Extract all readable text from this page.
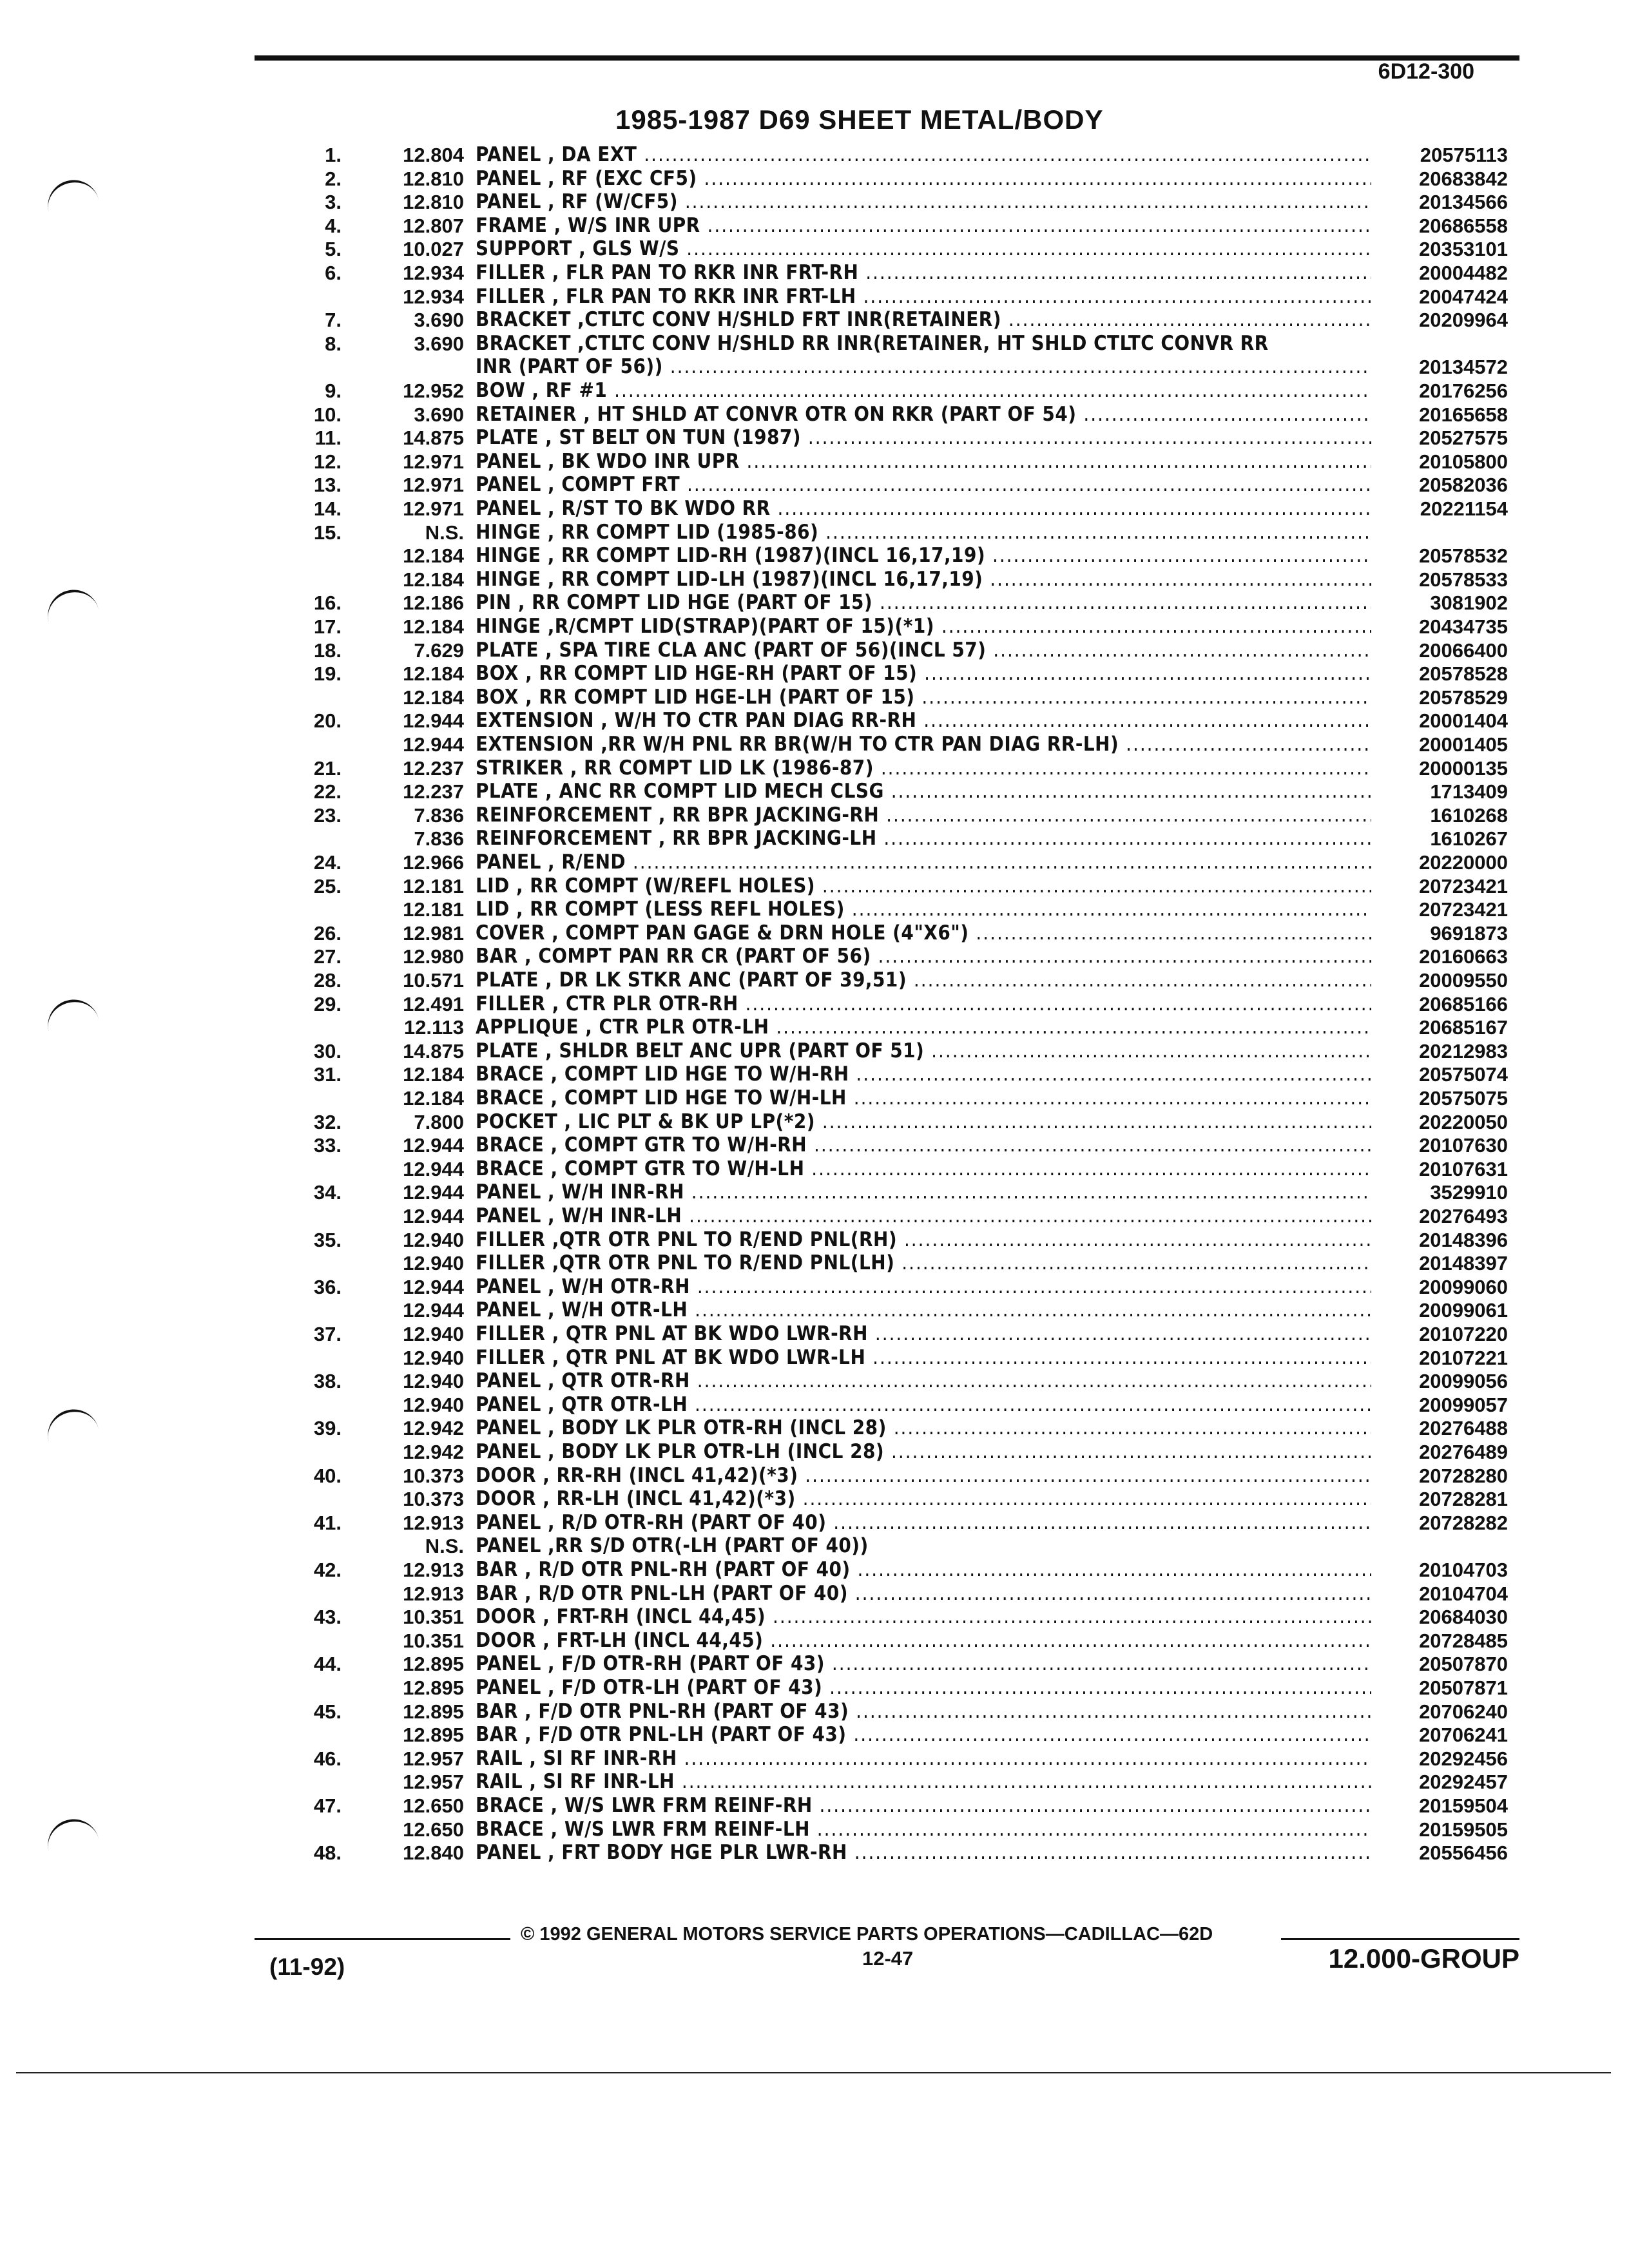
6D12-300
1985-1987 D69 SHEET METAL/BODY
1.	12.804 PANEL , DA EXT .....	20575113
2.	12.810 PANEL , RF (EXC CF5) .....	20683842
3.	12.810 PANEL , RF (W/CF5) .....	20134566
4.	12.807 FRAME , W/S INR UPR .....	20686558
5.	10.027 SUPPORT , GLS W/S .....	20353101
6.	12.934 FILLER , FLR PAN TO RKR INR FRT-RH .....	20004482
12.934 FILLER , FLR PAN TO RKR INR FRT-LH .....	20047424
7.	3.690 BRACKET ,CTLTC CONV H/SHLD FRT INR(RETAINER) .....	20209964
8.	3.690 BRACKET ,CTLTC CONV H/SHLD RR INR(RETAINER, HT SHLD CTLTC CONVR RR
INR (PART OF 56)) .....	20134572
9.	12.952 BOW , RF #1 .....	20176256
10.	3.690 RETAINER , HT SHLD AT CONVR OTR ON RKR (PART OF 54) .....	20165658
11.	14.875 PLATE , ST BELT ON TUN (1987) .....	20527575
12.	12.971 PANEL , BK WDO INR UPR .....	20105800
13.	12.971 PANEL , COMPT FRT .....	20582036
14.	12.971 PANEL , R/ST TO BK WDO RR .....	20221154
15.	N.S. HINGE , RR COMPT LID (1985-86) .....
12.184 HINGE , RR COMPT LID-RH (1987)(INCL 16,17,19) .....	20578532
12.184 HINGE , RR COMPT LID-LH (1987)(INCL 16,17,19) .....	20578533
16.	12.186 PIN , RR COMPT LID HGE (PART OF 15) .....	3081902
17.	12.184 HINGE ,R/CMPT LID(STRAP)(PART OF 15)(*1) .....	20434735
18.	7.629 PLATE , SPA TIRE CLA ANC (PART OF 56)(INCL 57) .....	20066400
19.	12.184 BOX , RR COMPT LID HGE-RH (PART OF 15) .....	20578528
12.184 BOX , RR COMPT LID HGE-LH (PART OF 15) .....	20578529
20.	12.944 EXTENSION , W/H TO CTR PAN DIAG RR-RH .....	20001404
12.944 EXTENSION ,RR W/H PNL RR BR(W/H TO CTR PAN DIAG RR-LH) .....	20001405
21.	12.237 STRIKER , RR COMPT LID LK (1986-87) .....	20000135
22.	12.237 PLATE , ANC RR COMPT LID MECH CLSG .....	1713409
23.	7.836 REINFORCEMENT , RR BPR JACKING-RH .....	1610268
7.836 REINFORCEMENT , RR BPR JACKING-LH .....	1610267
24.	12.966 PANEL , R/END .....	20220000
25.	12.181 LID , RR COMPT (W/REFL HOLES) .....	20723421
12.181 LID , RR COMPT (LESS REFL HOLES) .....	20723421
26.	12.981 COVER , COMPT PAN GAGE & DRN HOLE (4"X6") .....	9691873
27.	12.980 BAR , COMPT PAN RR CR (PART OF 56) .....	20160663
28.	10.571 PLATE , DR LK STKR ANC (PART OF 39,51) .....	20009550
29.	12.491 FILLER , CTR PLR OTR-RH .....	20685166
12.113 APPLIQUE , CTR PLR OTR-LH .....	20685167
30.	14.875 PLATE , SHLDR BELT ANC UPR (PART OF 51) .....	20212983
31.	12.184 BRACE , COMPT LID HGE TO W/H-RH .....	20575074
12.184 BRACE , COMPT LID HGE TO W/H-LH .....	20575075
32.	7.800 POCKET , LIC PLT & BK UP LP(*2) .....	20220050
33.	12.944 BRACE , COMPT GTR TO W/H-RH .....	20107630
12.944 BRACE , COMPT GTR TO W/H-LH .....	20107631
34.	12.944 PANEL , W/H INR-RH .....	3529910
12.944 PANEL , W/H INR-LH .....	20276493
35.	12.940 FILLER ,QTR OTR PNL TO R/END PNL(RH) .....	20148396
12.940 FILLER ,QTR OTR PNL TO R/END PNL(LH) .....	20148397
36.	12.944 PANEL , W/H OTR-RH .....	20099060
12.944 PANEL , W/H OTR-LH .....	20099061
37.	12.940 FILLER , QTR PNL AT BK WDO LWR-RH .....	20107220
12.940 FILLER , QTR PNL AT BK WDO LWR-LH .....	20107221
38.	12.940 PANEL , QTR OTR-RH .....	20099056
12.940 PANEL , QTR OTR-LH .....	20099057
39.	12.942 PANEL , BODY LK PLR OTR-RH (INCL 28) .....	20276488
12.942 PANEL , BODY LK PLR OTR-LH (INCL 28) .....	20276489
40.	10.373 DOOR , RR-RH (INCL 41,42)(*3) .....	20728280
10.373 DOOR , RR-LH (INCL 41,42)(*3) .....	20728281
41.	12.913 PANEL , R/D OTR-RH (PART OF 40) .....	20728282
N.S. PANEL ,RR S/D OTR(-LH (PART OF 40))
42.	12.913 BAR , R/D OTR PNL-RH (PART OF 40) .....	20104703
12.913 BAR , R/D OTR PNL-LH (PART OF 40) .....	20104704
43.	10.351 DOOR , FRT-RH (INCL 44,45) .....	20684030
10.351 DOOR , FRT-LH (INCL 44,45) .....	20728485
44.	12.895 PANEL , F/D OTR-RH (PART OF 43) .....	20507870
12.895 PANEL , F/D OTR-LH (PART OF 43) .....	20507871
45.	12.895 BAR , F/D OTR PNL-RH (PART OF 43) .....	20706240
12.895 BAR , F/D OTR PNL-LH (PART OF 43) .....	20706241
46.	12.957 RAIL , SI RF INR-RH .....	20292456
12.957 RAIL , SI RF INR-LH .....	20292457
47.	12.650 BRACE , W/S LWR FRM REINF-RH .....	20159504
12.650 BRACE , W/S LWR FRM REINF-LH .....	20159505
48.	12.840 PANEL , FRT BODY HGE PLR LWR-RH .....	20556456
© 1992 GENERAL MOTORS SERVICE PARTS OPERATIONS—CADILLAC—62D
(11-92)	12-47	12.000-GROUP
